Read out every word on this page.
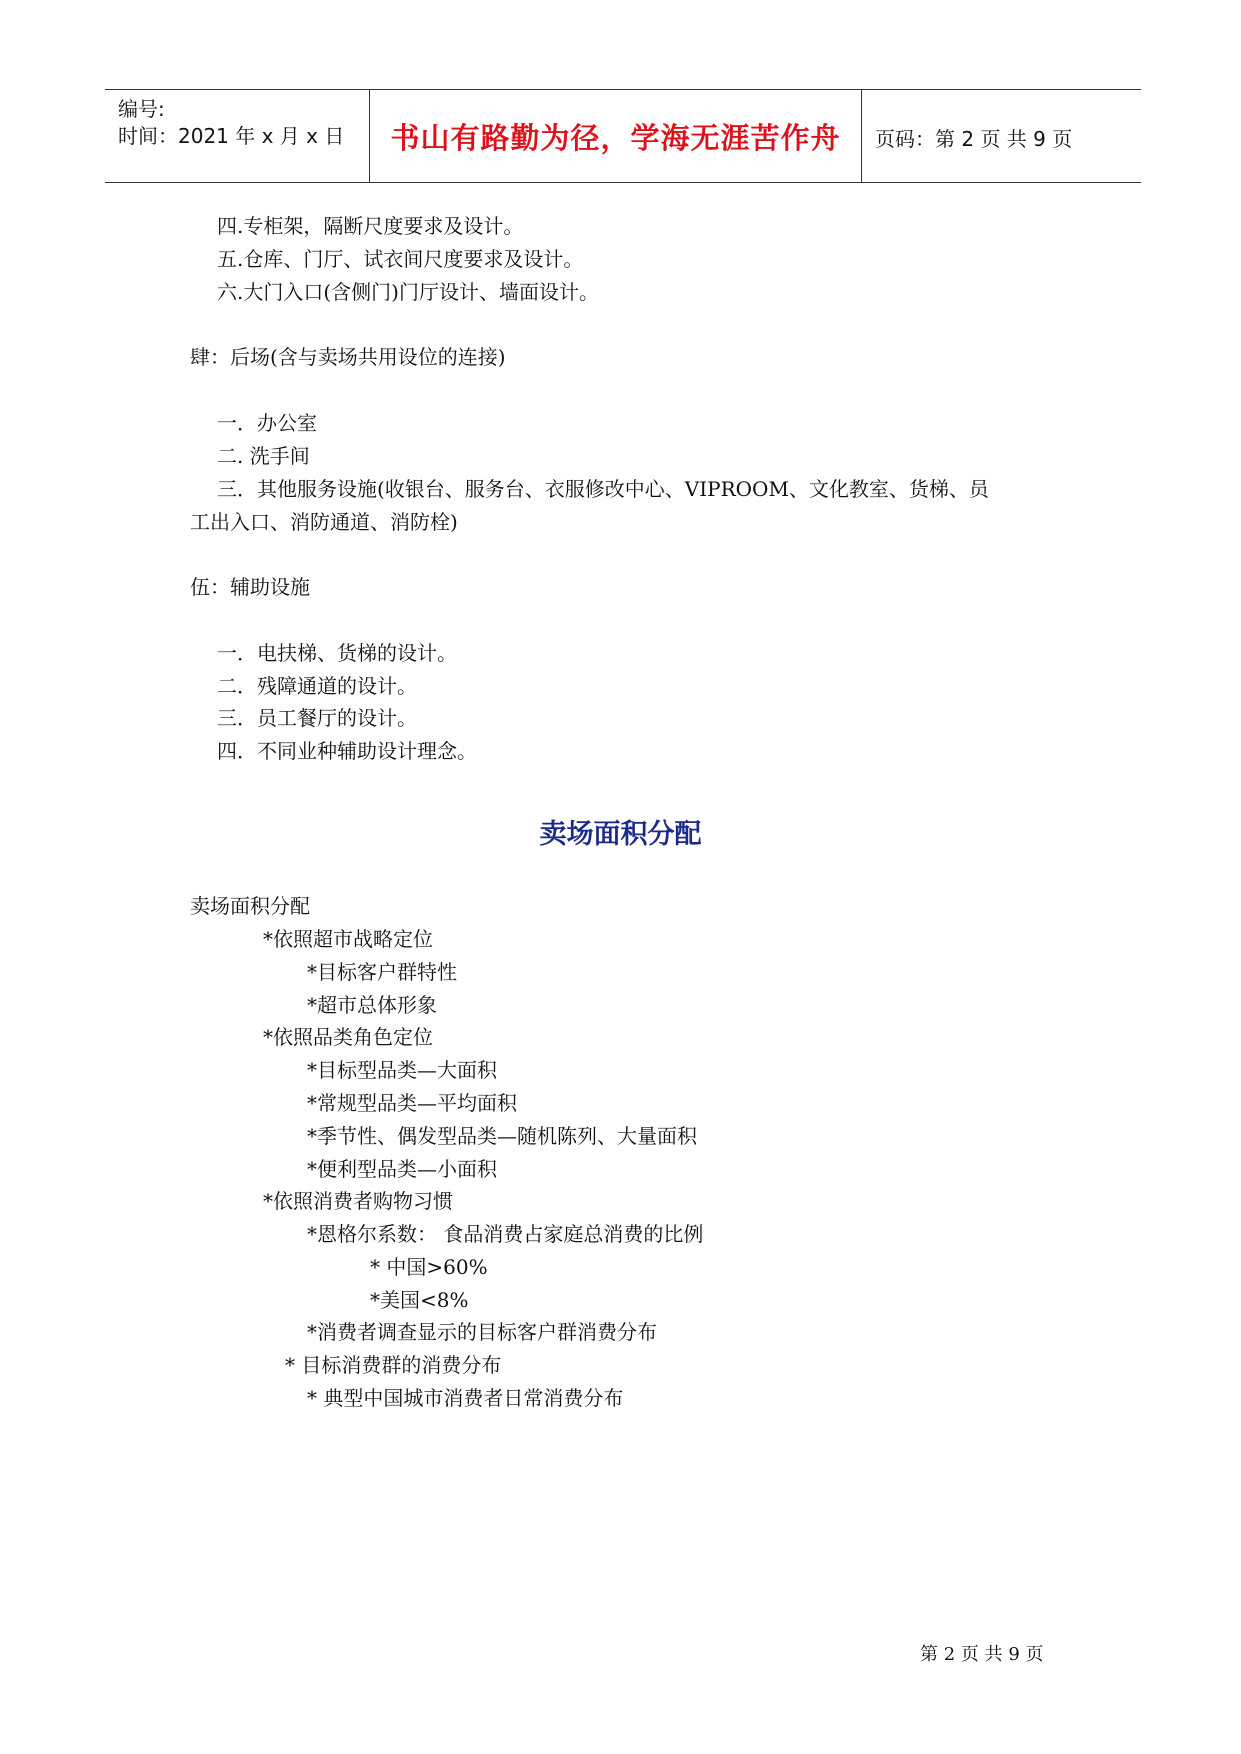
编号:
时间：2021 年 x 月 x 日	书山有路勤为径，学海无涯苦作舟	页码：第 2 页 共 9 页
四.专柜架，隔断尺度要求及设计。
五.仓库、门厅、试衣间尺度要求及设计。
六.大门入口(含侧门)门厅设计、墙面设计。
肆：后场(含与卖场共用设位的连接)
一．办公室
二. 洗手间
三．其他服务设施(收银台、服务台、衣服修改中心、VIPROOM、文化教室、货梯、员
工出入口、消防通道、消防栓)
伍：辅助设施
一．电扶梯、货梯的设计。
二．残障通道的设计。
三．员工餐厅的设计。
四．不同业种辅助设计理念。
卖场面积分配
卖场面积分配
*依照超市战略定位
*目标客户群特性
*超市总体形象
*依照品类角色定位
*目标型品类—大面积
*常规型品类—平均面积
*季节性、偶发型品类—随机陈列、大量面积
*便利型品类—小面积
*依照消费者购物习惯
*恩格尔系数： 食品消费占家庭总消费的比例
* 中国>60%
*美国<8%
*消费者调查显示的目标客户群消费分布
* 目标消费群的消费分布
* 典型中国城市消费者日常消费分布
第 2 页 共 9 页
